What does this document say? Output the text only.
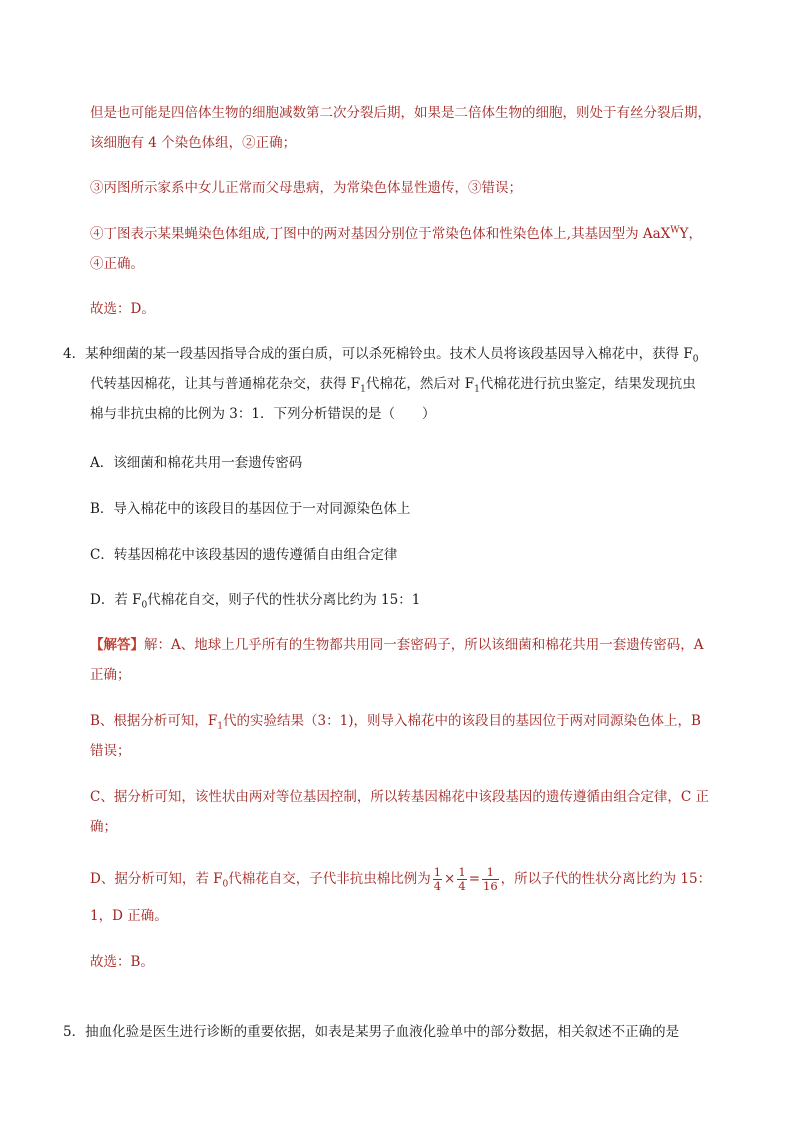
但是也可能是四倍体生物的细胞减数第二次分裂后期，如果是二倍体生物的细胞，则处于有丝分裂后期，
该细胞有 4 个染色体组，②正确；
③丙图所示家系中女儿正常而父母患病，为常染色体显性遗传，③错误；
④丁图表示某果蝇染色体组成,丁图中的两对基因分别位于常染色体和性染色体上,其基因型为 AaX$^W$Y，
④正确。
故选：D。
4．某种细菌的某一段基因指导合成的蛋白质，可以杀死棉铃虫。技术人员将该段基因导入棉花中，获得 $F_0$
代转基因棉花，让其与普通棉花杂交，获得 $F_1$代棉花，然后对 $F_1$代棉花进行抗虫鉴定，结果发现抗虫
棉与非抗虫棉的比例为 3：1．下列分析错误的是（　　）
A．该细菌和棉花共用一套遗传密码
B．导入棉花中的该段目的基因位于一对同源染色体上
C．转基因棉花中该段基因的遗传遵循自由组合定律
D．若 $F_0$代棉花自交，则子代的性状分离比约为 15：1
【解答】解：A、地球上几乎所有的生物都共用同一套密码子，所以该细菌和棉花共用一套遗传密码，A
正确；
B、根据分析可知，$F_1$代的实验结果（3：1)，则导入棉花中的该段目的基因位于两对同源染色体上，B
错误；
C、据分析可知，该性状由两对等位基因控制，所以转基因棉花中该段基因的遗传遵循由组合定律，C 正
确；
D、据分析可知，若 $F_0$代棉花自交，子代非抗虫棉比例为 $\frac{1}{4} \times \frac{1}{4} = \frac{1}{16}$ ，所以子代的性状分离比约为 15：
1，D 正确。
故选：B。
5．抽血化验是医生进行诊断的重要依据，如表是某男子血液化验单中的部分数据，相关叙述不正确的是
